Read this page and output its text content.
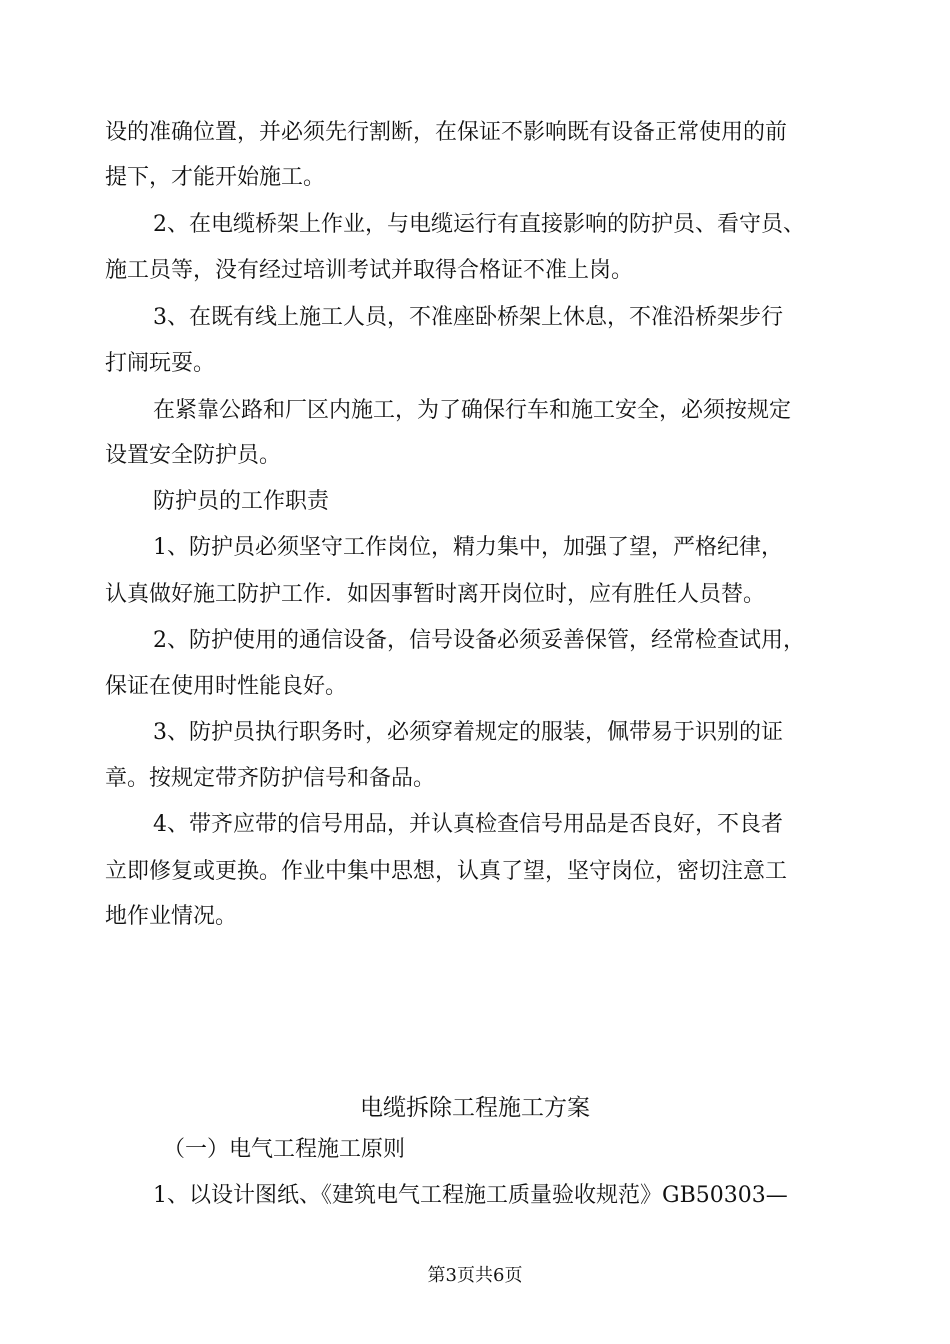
设的准确位置，并必须先行割断，在保证不影响既有设备正常使用的前
提下，才能开始施工。
2、在电缆桥架上作业，与电缆运行有直接影响的防护员、看守员、
施工员等，没有经过培训考试并取得合格证不准上岗。
3、在既有线上施工人员，不准座卧桥架上休息，不准沿桥架步行
打闹玩耍。
在紧靠公路和厂区内施工，为了确保行车和施工安全，必须按规定
设置安全防护员。
防护员的工作职责
1、防护员必须坚守工作岗位，精力集中，加强了望，严格纪律，
认真做好施工防护工作．如因事暂时离开岗位时，应有胜任人员替。
2、防护使用的通信设备，信号设备必须妥善保管，经常检查试用，
保证在使用时性能良好。
3、防护员执行职务时，必须穿着规定的服装，佩带易于识别的证
章。按规定带齐防护信号和备品。
4、带齐应带的信号用品，并认真检查信号用品是否良好，不良者
立即修复或更换。作业中集中思想，认真了望，坚守岗位，密切注意工
地作业情况。
电缆拆除工程施工方案
（一）电气工程施工原则
1、以设计图纸、《建筑电气工程施工质量验收规范》GB50303—
第3页共6页
